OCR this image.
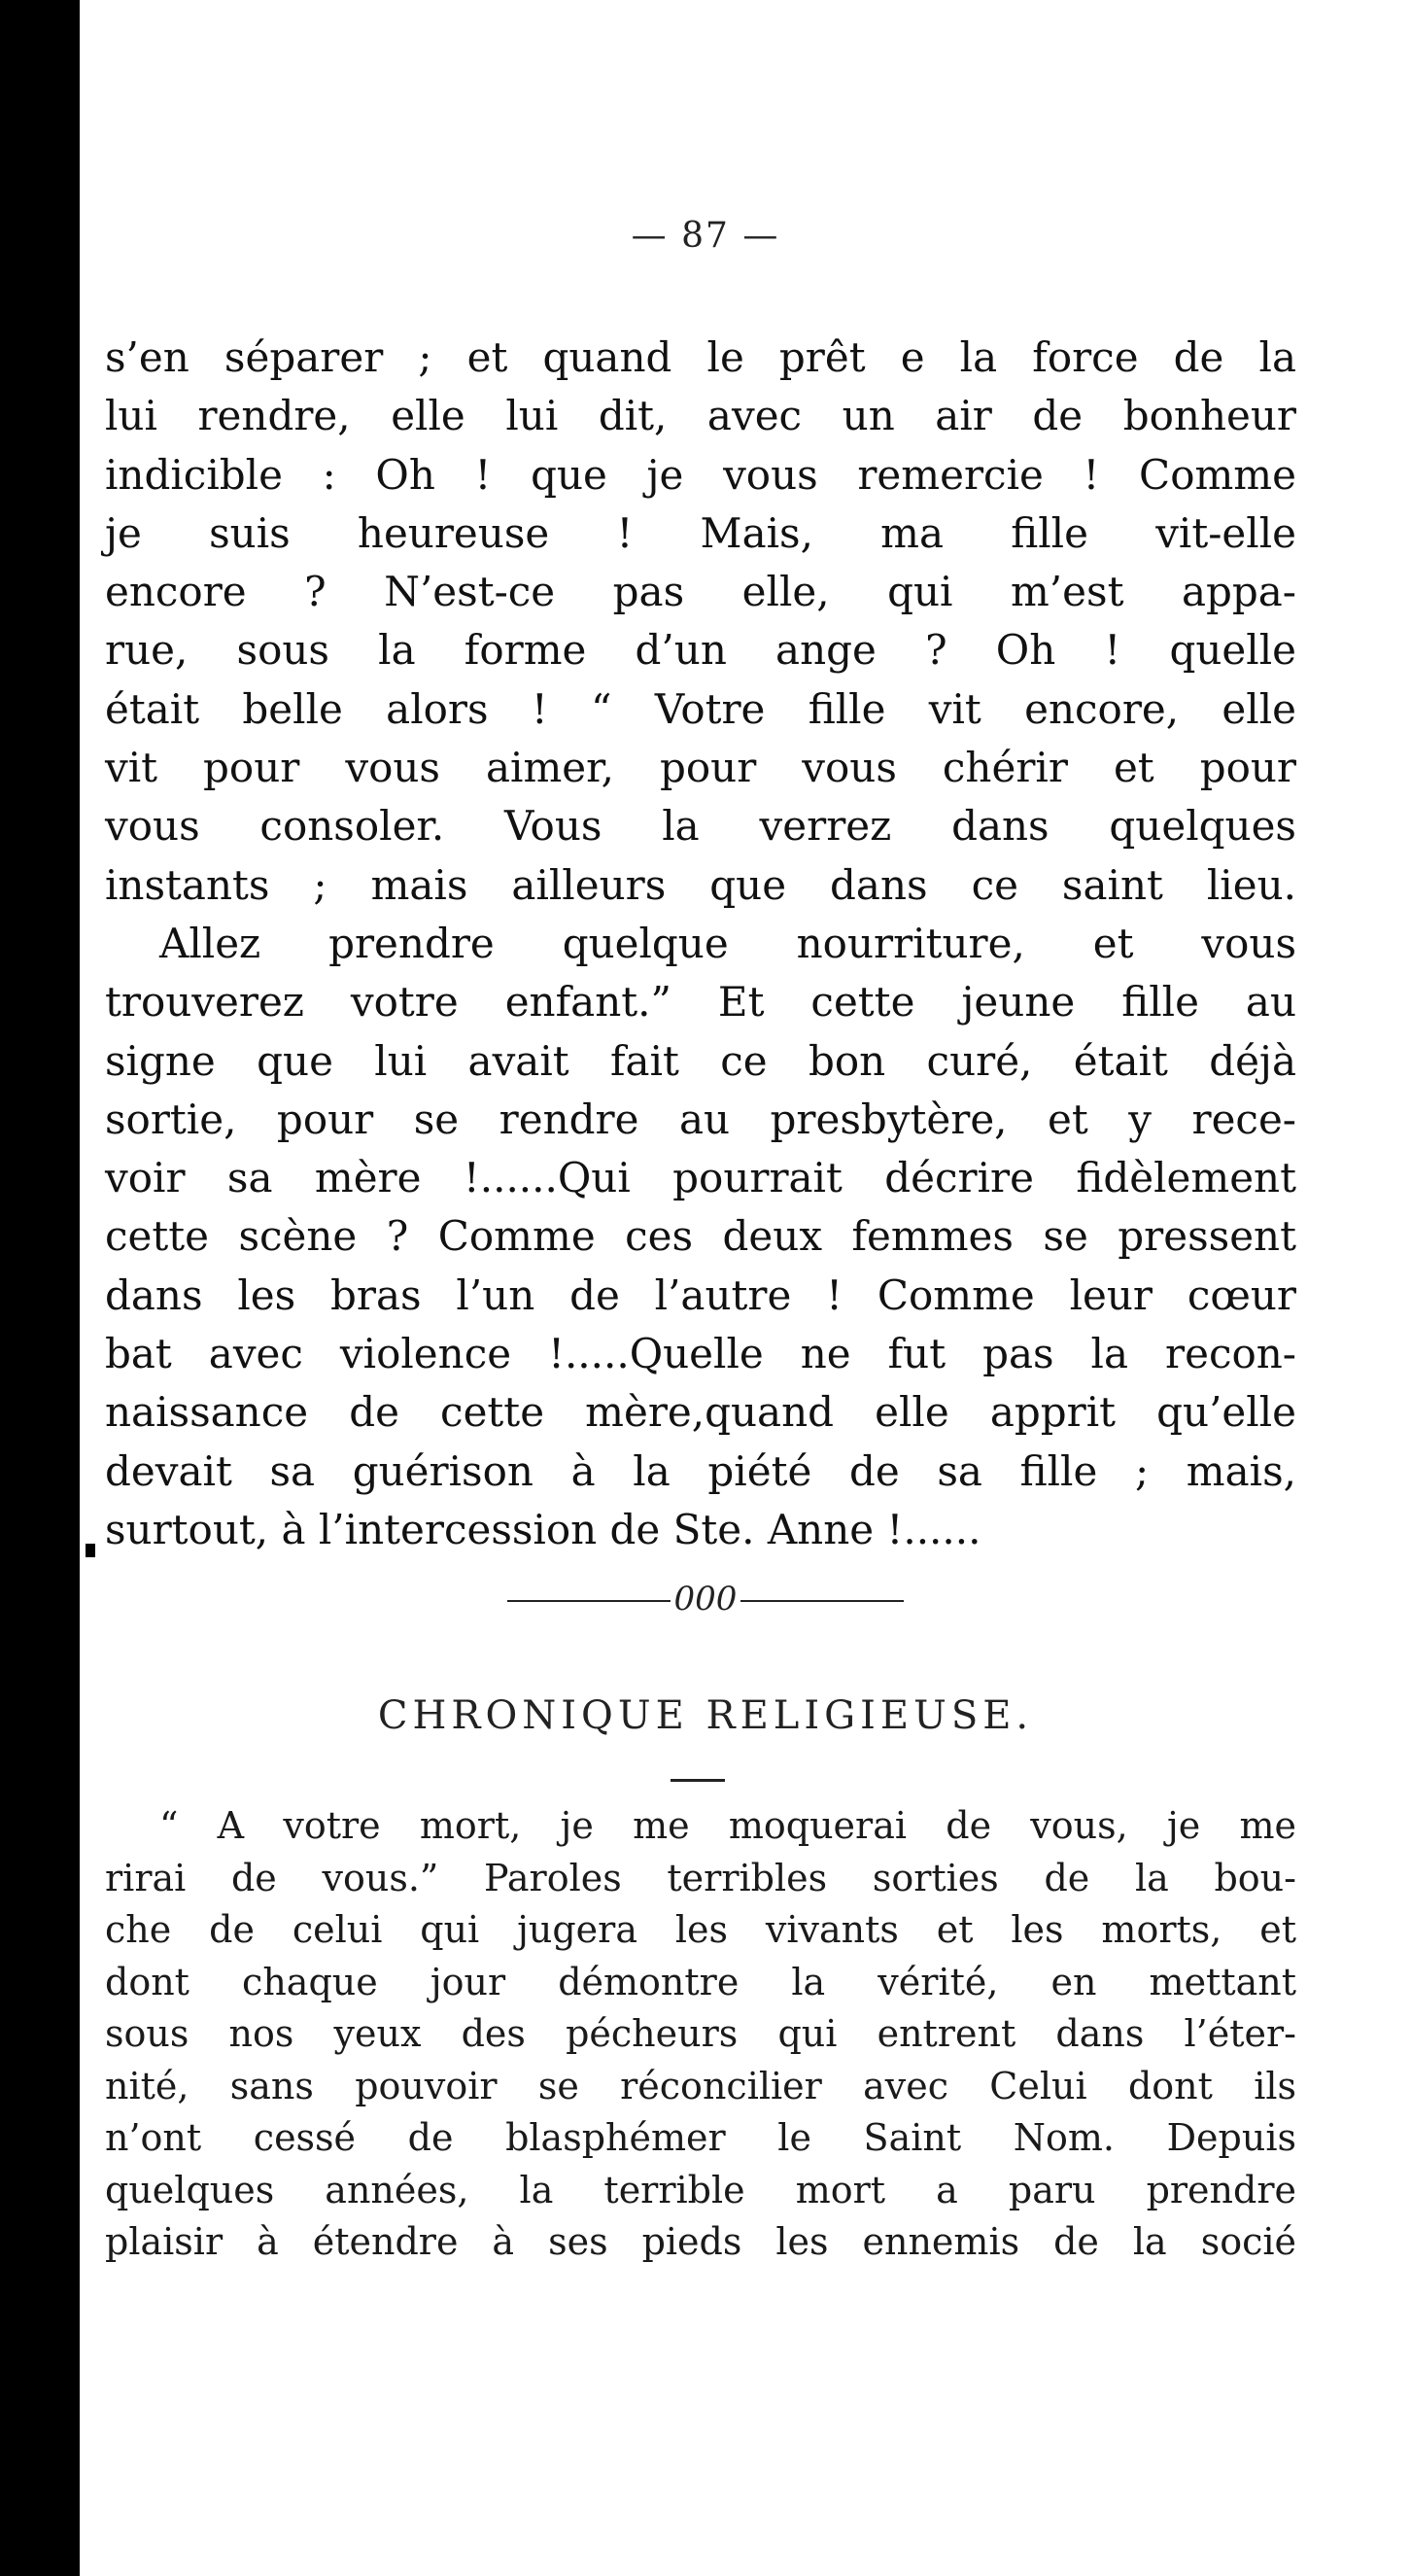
— 87 —
s’en séparer ; et quand le prêt e la force de la
lui rendre, elle lui dit, avec un air de bonheur
indicible : Oh ! que je vous remercie ! Comme
je suis heureuse ! Mais, ma fille vit-elle
encore ? N’est-ce pas elle, qui m’est appa-
rue, sous la forme d’un ange ? Oh ! quelle
était belle alors ! “ Votre fille vit encore, elle
vit pour vous aimer, pour vous chérir et pour
vous consoler. Vous la verrez dans quelques
instants ; mais ailleurs que dans ce saint lieu.
Allez prendre quelque nourriture, et vous
trouverez votre enfant.” Et cette jeune fille au
signe que lui avait fait ce bon curé, était déjà
sortie, pour se rendre au presbytère, et y rece-
voir sa mère !......Qui pourrait décrire fidèlement
cette scène ? Comme ces deux femmes se pressent
dans les bras l’un de l’autre ! Comme leur cœur
bat avec violence !.....Quelle ne fut pas la recon-
naissance de cette mère,quand elle apprit qu’elle
devait sa guérison à la piété de sa fille ; mais,
surtout, à l’intercession de Ste. Anne !......
000
CHRONIQUE RELIGIEUSE.
“ A votre mort, je me moquerai de vous, je me
rirai de vous.” Paroles terribles sorties de la bou-
che de celui qui jugera les vivants et les morts, et
dont chaque jour démontre la vérité, en mettant
sous nos yeux des pécheurs qui entrent dans l’éter-
nité, sans pouvoir se réconcilier avec Celui dont ils
n’ont cessé de blasphémer le Saint Nom. Depuis
quelques années, la terrible mort a paru prendre
plaisir à étendre à ses pieds les ennemis de la socié
